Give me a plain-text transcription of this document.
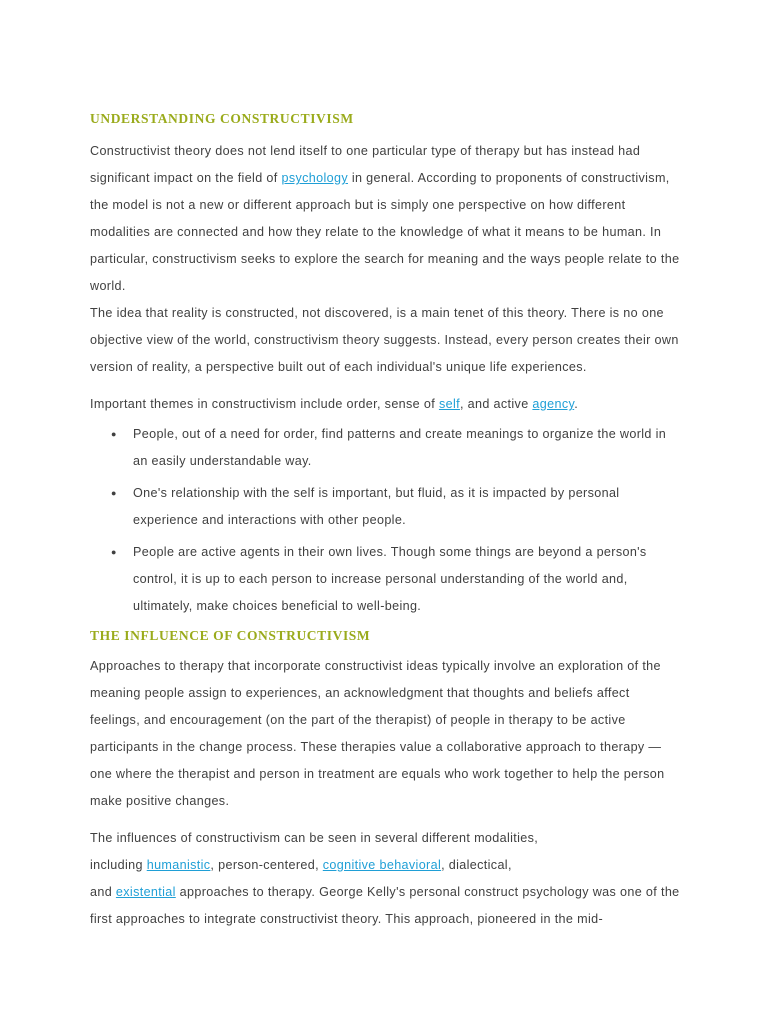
UNDERSTANDING CONSTRUCTIVISM

Constructivist theory does not lend itself to one particular type of therapy but has instead had significant impact on the field of psychology in general. According to proponents of constructivism, the model is not a new or different approach but is simply one perspective on how different modalities are connected and how they relate to the knowledge of what it means to be human. In particular, constructivism seeks to explore the search for meaning and the ways people relate to the world.

The idea that reality is constructed, not discovered, is a main tenet of this theory. There is no one objective view of the world, constructivism theory suggests. Instead, every person creates their own version of reality, a perspective built out of each individual's unique life experiences.

Important themes in constructivism include order, sense of self, and active agency.

● People, out of a need for order, find patterns and create meanings to organize the world in an easily understandable way.
● One's relationship with the self is important, but fluid, as it is impacted by personal experience and interactions with other people.
● People are active agents in their own lives. Though some things are beyond a person's control, it is up to each person to increase personal understanding of the world and, ultimately, make choices beneficial to well-being.
THE INFLUENCE OF CONSTRUCTIVISM

Approaches to therapy that incorporate constructivist ideas typically involve an exploration of the meaning people assign to experiences, an acknowledgment that thoughts and beliefs affect feelings, and encouragement (on the part of the therapist) of people in therapy to be active participants in the change process. These therapies value a collaborative approach to therapy —one where the therapist and person in treatment are equals who work together to help the person make positive changes.

The influences of constructivism can be seen in several different modalities,
including humanistic, person-centered, cognitive behavioral, dialectical,
and existential approaches to therapy. George Kelly's personal construct psychology was one of the first approaches to integrate constructivist theory. This approach, pioneered in the mid-
